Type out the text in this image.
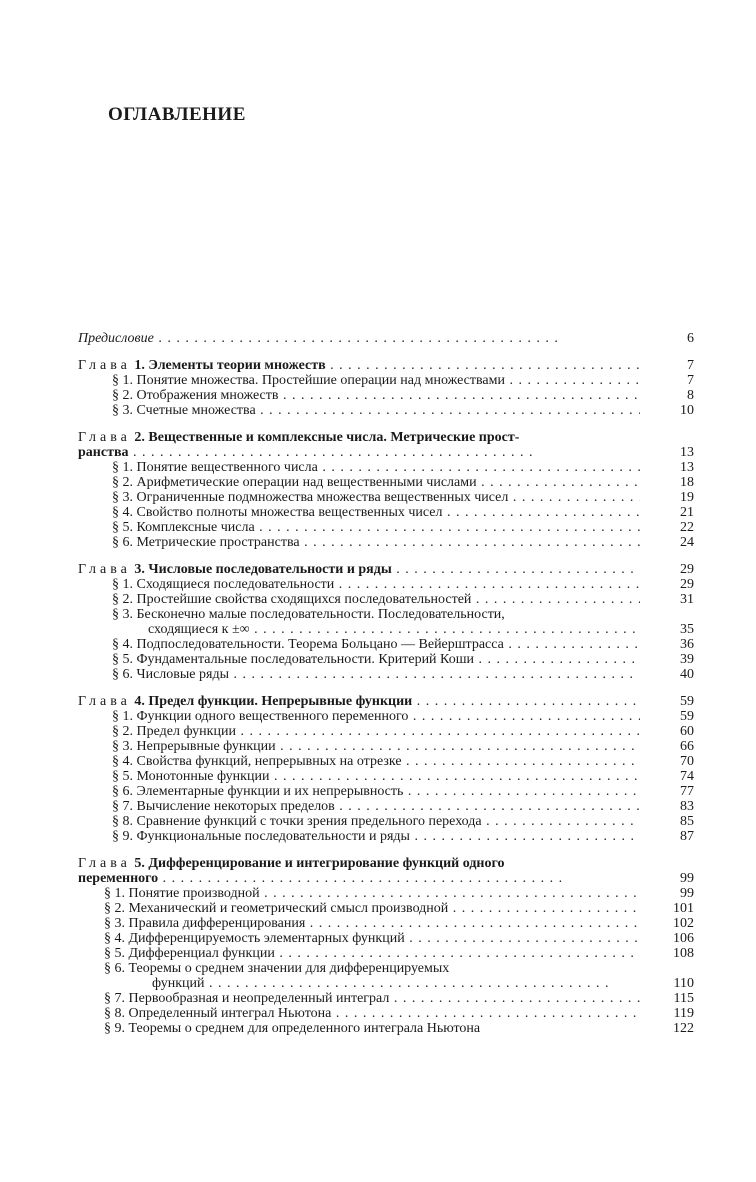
ОГЛАВЛЕНИЕ
Предисловие . .	6
Глава 1. Элементы теории множеств . .	7
§ 1. Понятие множества. Простейшие операции над множествами . .	7
§ 2. Отображения множеств . .	8
§ 3. Счетные множества . .	10
Глава 2. Вещественные и комплексные числа. Метрические прост-
ранства . .	13
§ 1. Понятие вещественного числа . .	13
§ 2. Арифметические операции над вещественными числами . .	18
§ 3. Ограниченные подмножества множества вещественных чисел . .	19
§ 4. Свойство полноты множества вещественных чисел . .	21
§ 5. Комплексные числа . .	22
§ 6. Метрические пространства . .	24
Глава 3. Числовые последовательности и ряды . .	29
§ 1. Сходящиеся последовательности . .	29
§ 2. Простейшие свойства сходящихся последовательностей . .	31
§ 3. Бесконечно малые последовательности. Последовательности,
сходящиеся к ±∞ . .	35
§ 4. Подпоследовательности. Теорема Больцано — Вейерштрасса . .	36
§ 5. Фундаментальные последовательности. Критерий Коши . .	39
§ 6. Числовые ряды . .	40
Глава 4. Предел функции. Непрерывные функции . .	59
§ 1. Функции одного вещественного переменного . .	59
§ 2. Предел функции . .	60
§ 3. Непрерывные функции . .	66
§ 4. Свойства функций, непрерывных на отрезке . .	70
§ 5. Монотонные функции . .	74
§ 6. Элементарные функции и их непрерывность . .	77
§ 7. Вычисление некоторых пределов . .	83
§ 8. Сравнение функций с точки зрения предельного перехода . .	85
§ 9. Функциональные последовательности и ряды . .	87
Глава 5. Дифференцирование и интегрирование функций одного
переменного . .	99
§ 1. Понятие производной . .	99
§ 2. Механический и геометрический смысл производной . .	101
§ 3. Правила дифференцирования . .	102
§ 4. Дифференцируемость элементарных функций . .	106
§ 5. Дифференциал функции . .	108
§ 6. Теоремы о среднем значении для дифференцируемых
функций . .	110
§ 7. Первообразная и неопределенный интеграл . .	115
§ 8. Определенный интеграл Ньютона . .	119
§ 9. Теоремы о среднем для определенного интеграла Ньютона	122
